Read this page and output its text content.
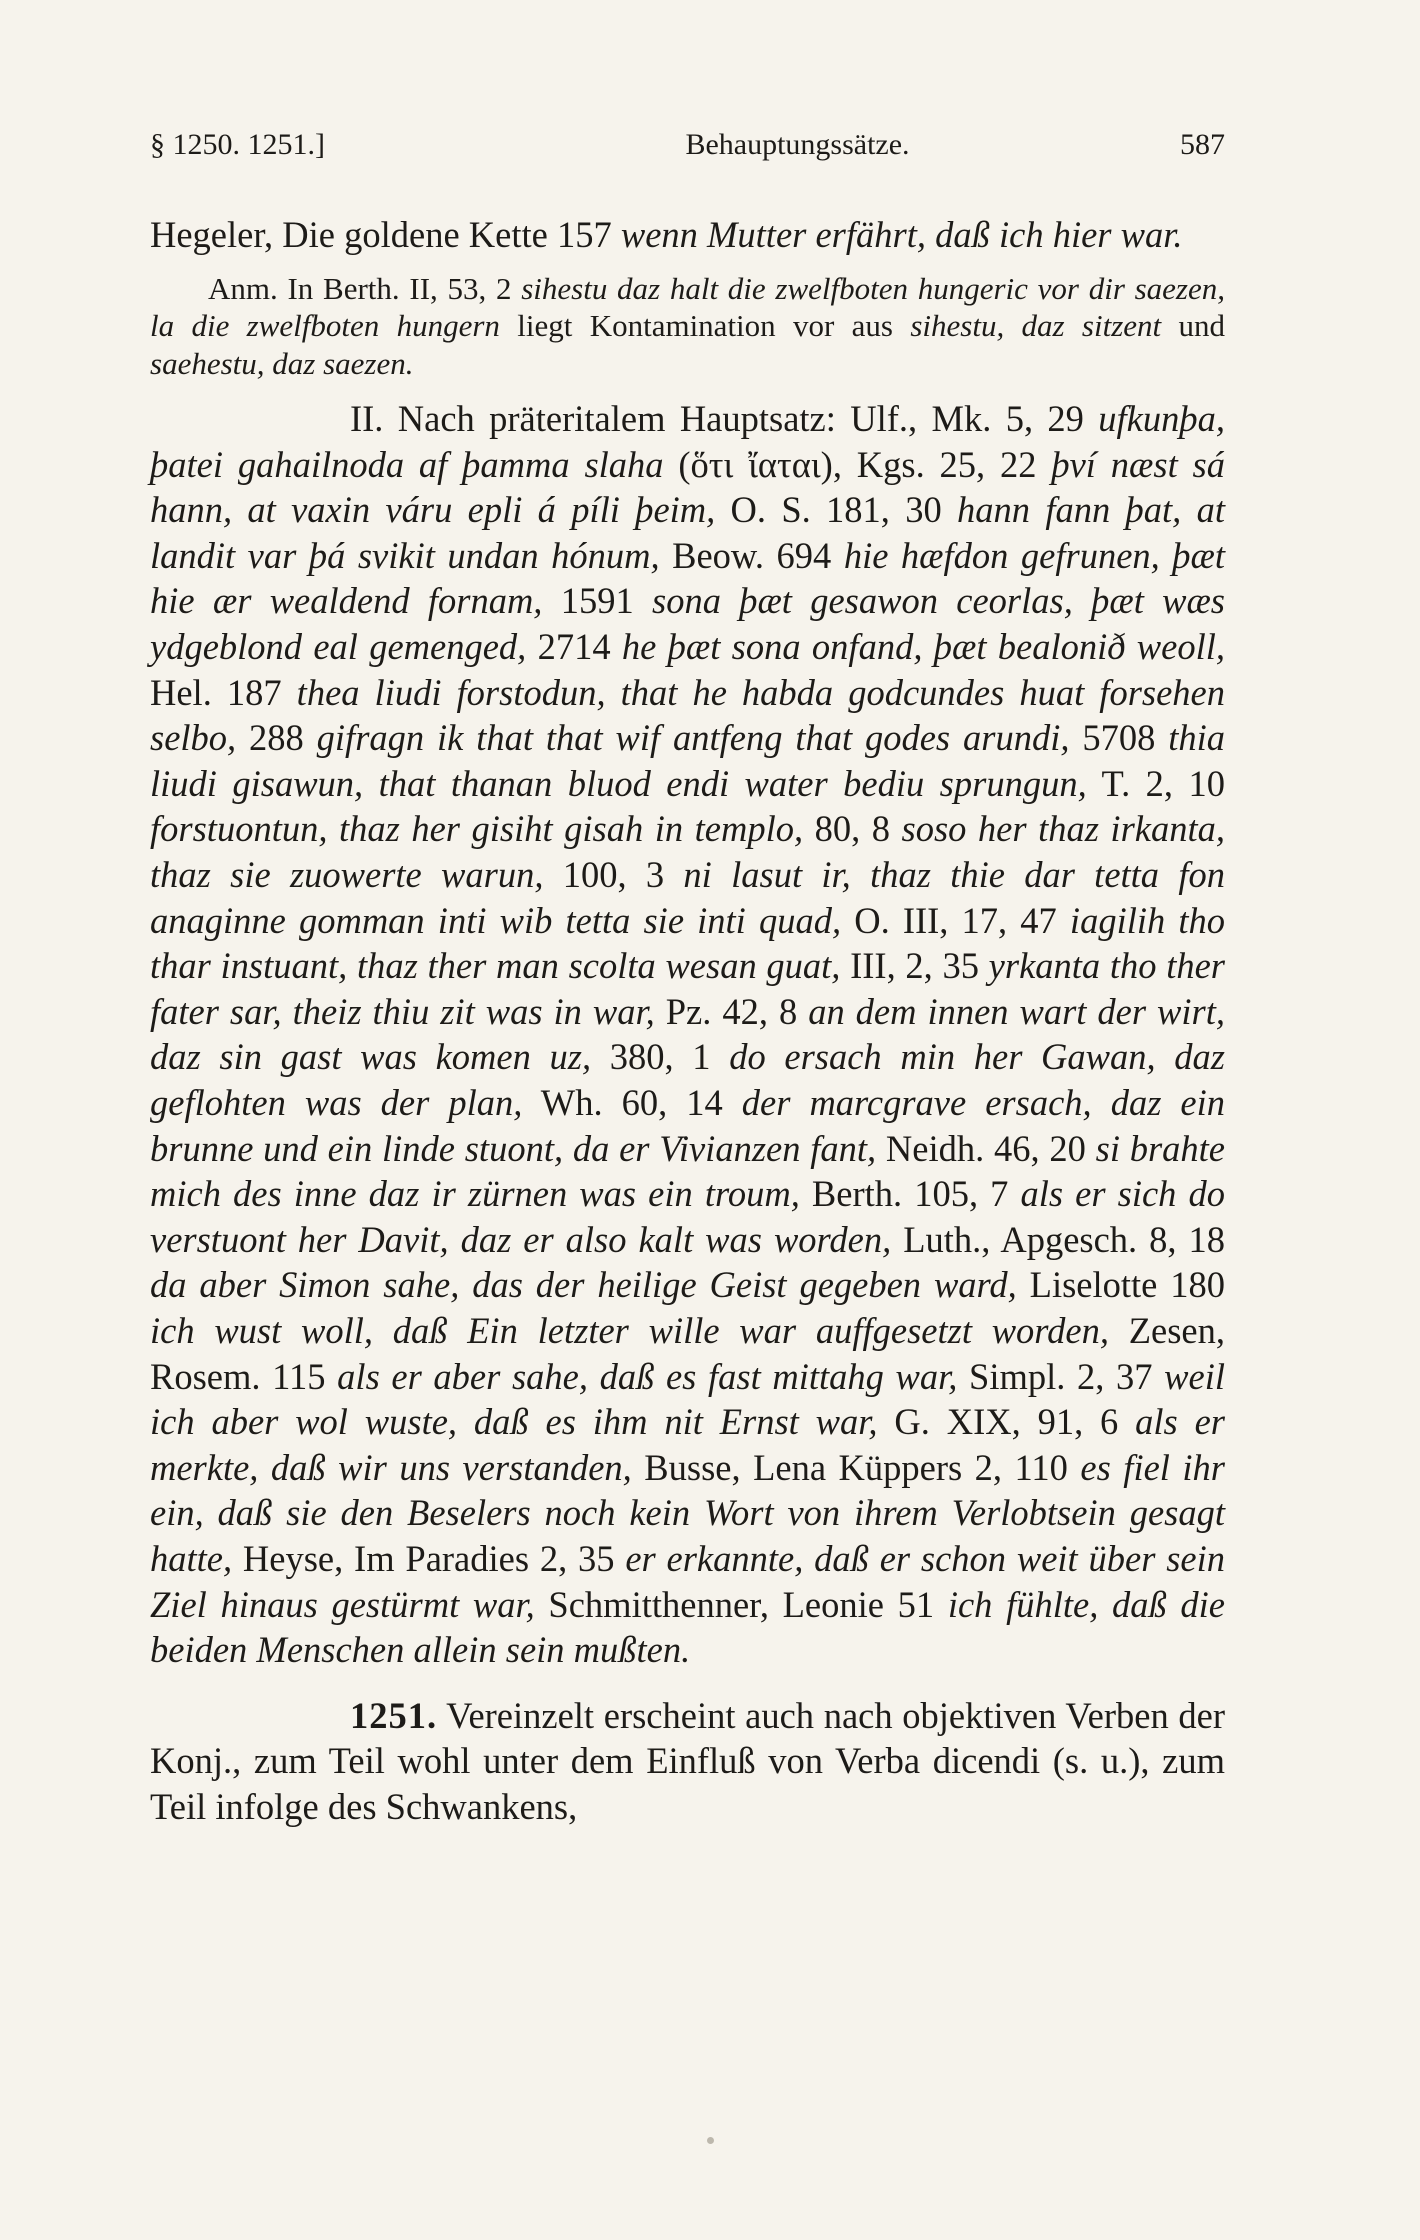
§ 1250. 1251.]	Behauptungssätze.	587

Hegeler, Die goldene Kette 157 wenn Mutter erfährt, daß ich hier war.

Anm. In Berth. II, 53, 2 sihestu daz halt die zwelfboten hungeric vor dir saezen, la die zwelfboten hungern liegt Kontamination vor aus sihestu, daz sitzent und saehestu, daz saezen.

II. Nach präteritalem Hauptsatz: Ulf., Mk. 5, 29 ufkunþa, þatei gahailnoda af þamma slaha (ὅτι ἴαται), Kgs. 25, 22 því næst sá hann, at vaxin váru epli á píli þeim, O. S. 181, 30 hann fann þat, at landit var þá svikit undan hónum, Beow. 694 hie hæfdon gefrunen, þæt hie ær wealdend fornam, 1591 sona þæt gesawon ceorlas, þæt wæs ydgeblond eal gemenged, 2714 he þæt sona onfand, þæt bealonið weoll, Hel. 187 thea liudi forstodun, that he habda godcundes huat forsehen selbo, 288 gifragn ik that that wif antfeng that godes arundi, 5708 thia liudi gisawun, that thanan bluod endi water bediu sprungun, T. 2, 10 forstuontun, thaz her gisiht gisah in templo, 80, 8 soso her thaz irkanta, thaz sie zuowerte warun, 100, 3 ni lasut ir, thaz thie dar tetta fon anaginne gomman inti wib tetta sie inti quad, O. III, 17, 47 iagilih tho thar instuant, thaz ther man scolta wesan guat, III, 2, 35 yrkanta tho ther fater sar, theiz thiu zit was in war, Pz. 42, 8 an dem innen wart der wirt, daz sin gast was komen uz, 380, 1 do ersach min her Gawan, daz geflohten was der plan, Wh. 60, 14 der marcgrave ersach, daz ein brunne und ein linde stuont, da er Vivianzen fant, Neidh. 46, 20 si brahte mich des inne daz ir zürnen was ein troum, Berth. 105, 7 als er sich do verstuont her Davit, daz er also kalt was worden, Luth., Apgesch. 8, 18 da aber Simon sahe, das der heilige Geist gegeben ward, Liselotte 180 ich wust woll, daß Ein letzter wille war auffgesetzt worden, Zesen, Rosem. 115 als er aber sahe, daß es fast mittahg war, Simpl. 2, 37 weil ich aber wol wuste, daß es ihm nit Ernst war, G. XIX, 91, 6 als er merkte, daß wir uns verstanden, Busse, Lena Küppers 2, 110 es fiel ihr ein, daß sie den Beselers noch kein Wort von ihrem Verlobtsein gesagt hatte, Heyse, Im Paradies 2, 35 er erkannte, daß er schon weit über sein Ziel hinaus gestürmt war, Schmitthenner, Leonie 51 ich fühlte, daß die beiden Menschen allein sein mußten.

1251. Vereinzelt erscheint auch nach objektiven Verben der Konj., zum Teil wohl unter dem Einfluß von Verba dicendi (s. u.), zum Teil infolge des Schwankens,
